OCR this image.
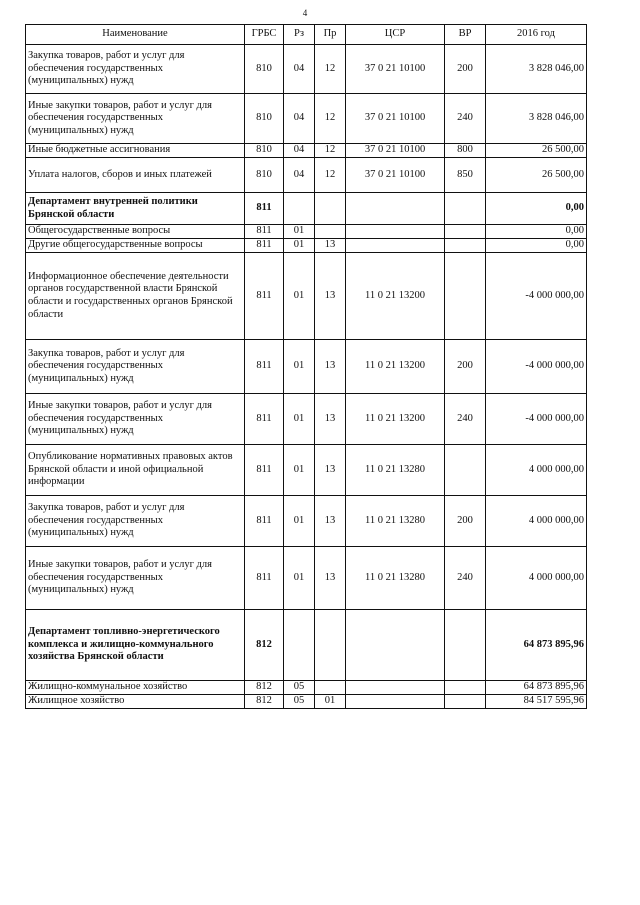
4
Наименование	ГРБС	Рз	Пр	ЦСР	ВР	2016 год
Закупка товаров, работ и услуг для обеспечения государственных (муниципальных) нужд	810	04	12	37 0 21 10100	200	3 828 046,00
Иные закупки товаров, работ и услуг для обеспечения государственных (муниципальных) нужд	810	04	12	37 0 21 10100	240	3 828 046,00
Иные бюджетные ассигнования	810	04	12	37 0 21 10100	800	26 500,00
Уплата налогов, сборов и иных платежей	810	04	12	37 0 21 10100	850	26 500,00
Департамент внутренней политики Брянской области	811					0,00
Общегосударственные вопросы	811	01				0,00
Другие общегосударственные вопросы	811	01	13			0,00
Информационное обеспечение деятельности органов государственной власти Брянской области и государственных органов Брянской области	811	01	13	11 0 21 13200		-4 000 000,00
Закупка товаров, работ и услуг для обеспечения государственных (муниципальных) нужд	811	01	13	11 0 21 13200	200	-4 000 000,00
Иные закупки товаров, работ и услуг для обеспечения государственных (муниципальных) нужд	811	01	13	11 0 21 13200	240	-4 000 000,00
Опубликование нормативных правовых актов Брянской области и иной официальной информации	811	01	13	11 0 21 13280		4 000 000,00
Закупка товаров, работ и услуг для обеспечения государственных (муниципальных) нужд	811	01	13	11 0 21 13280	200	4 000 000,00
Иные закупки товаров, работ и услуг для обеспечения государственных (муниципальных) нужд	811	01	13	11 0 21 13280	240	4 000 000,00
Департамент топливно-энергетического комплекса и жилищно-коммунального хозяйства Брянской области	812					64 873 895,96
Жилищно-коммунальное хозяйство	812	05				64 873 895,96
Жилищное хозяйство	812	05	01			84 517 595,96
